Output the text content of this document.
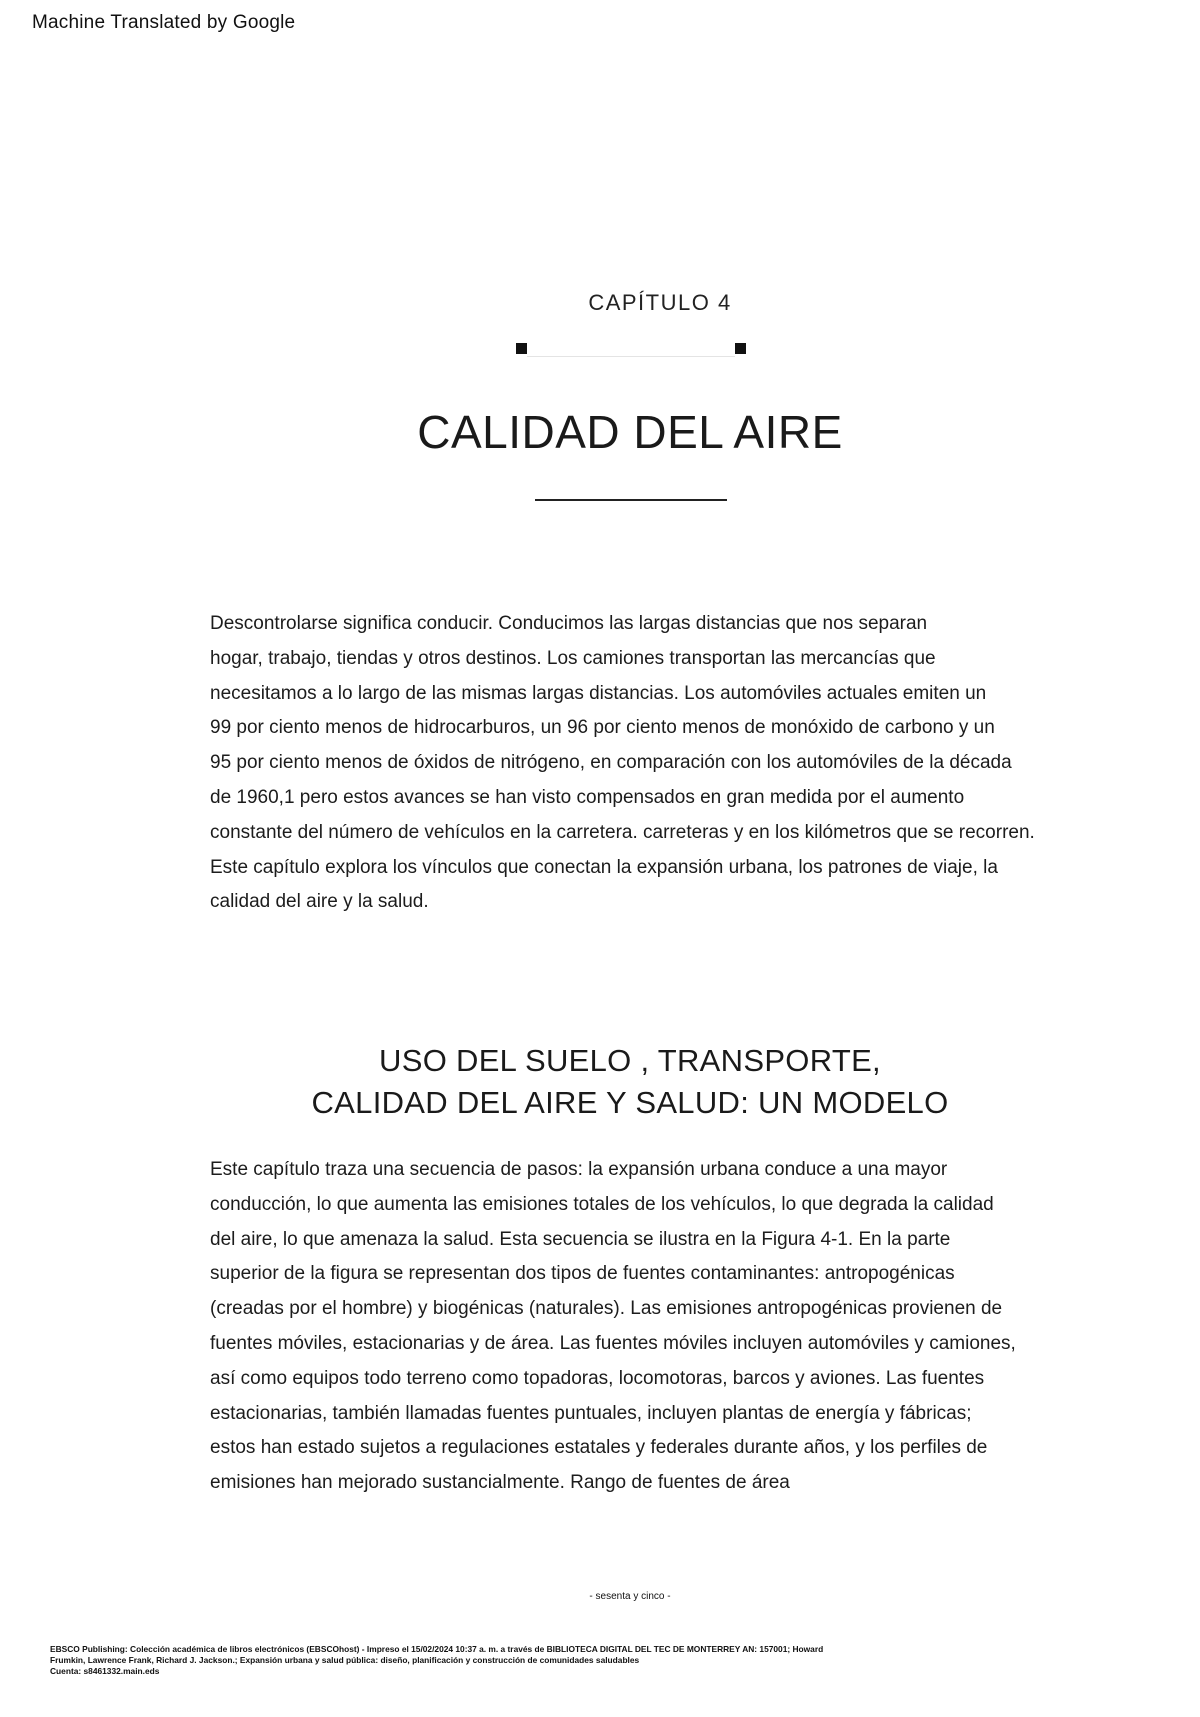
Machine Translated by Google
CAPÍTULO 4
CALIDAD DEL AIRE
Descontrolarse significa conducir. Conducimos las largas distancias que nos separan
hogar, trabajo, tiendas y otros destinos. Los camiones transportan las mercancías que
necesitamos a lo largo de las mismas largas distancias. Los automóviles actuales emiten un
99 por ciento menos de hidrocarburos, un 96 por ciento menos de monóxido de carbono y un
95 por ciento menos de óxidos de nitrógeno, en comparación con los automóviles de la década
de 1960,1 pero estos avances se han visto compensados en gran medida por el aumento
constante del número de vehículos en la carretera. carreteras y en los kilómetros que se recorren.
Este capítulo explora los vínculos que conectan la expansión urbana, los patrones de viaje, la
calidad del aire y la salud.
USO DEL SUELO , TRANSPORTE,
CALIDAD DEL AIRE Y SALUD: UN MODELO
Este capítulo traza una secuencia de pasos: la expansión urbana conduce a una mayor
conducción, lo que aumenta las emisiones totales de los vehículos, lo que degrada la calidad
del aire, lo que amenaza la salud. Esta secuencia se ilustra en la Figura 4-1. En la parte
superior de la figura se representan dos tipos de fuentes contaminantes: antropogénicas
(creadas por el hombre) y biogénicas (naturales). Las emisiones antropogénicas provienen de
fuentes móviles, estacionarias y de área. Las fuentes móviles incluyen automóviles y camiones,
así como equipos todo terreno como topadoras, locomotoras, barcos y aviones. Las fuentes
estacionarias, también llamadas fuentes puntuales, incluyen plantas de energía y fábricas;
estos han estado sujetos a regulaciones estatales y federales durante años, y los perfiles de
emisiones han mejorado sustancialmente. Rango de fuentes de área
- sesenta y cinco -
EBSCO Publishing: Colección académica de libros electrónicos (EBSCOhost) - Impreso el 15/02/2024 10:37 a. m. a través de BIBLIOTECA DIGITAL DEL TEC DE MONTERREY AN: 157001; Howard
Frumkin, Lawrence Frank, Richard J. Jackson.; Expansión urbana y salud pública: diseño, planificación y construcción de comunidades saludables
Cuenta: s8461332.main.eds
